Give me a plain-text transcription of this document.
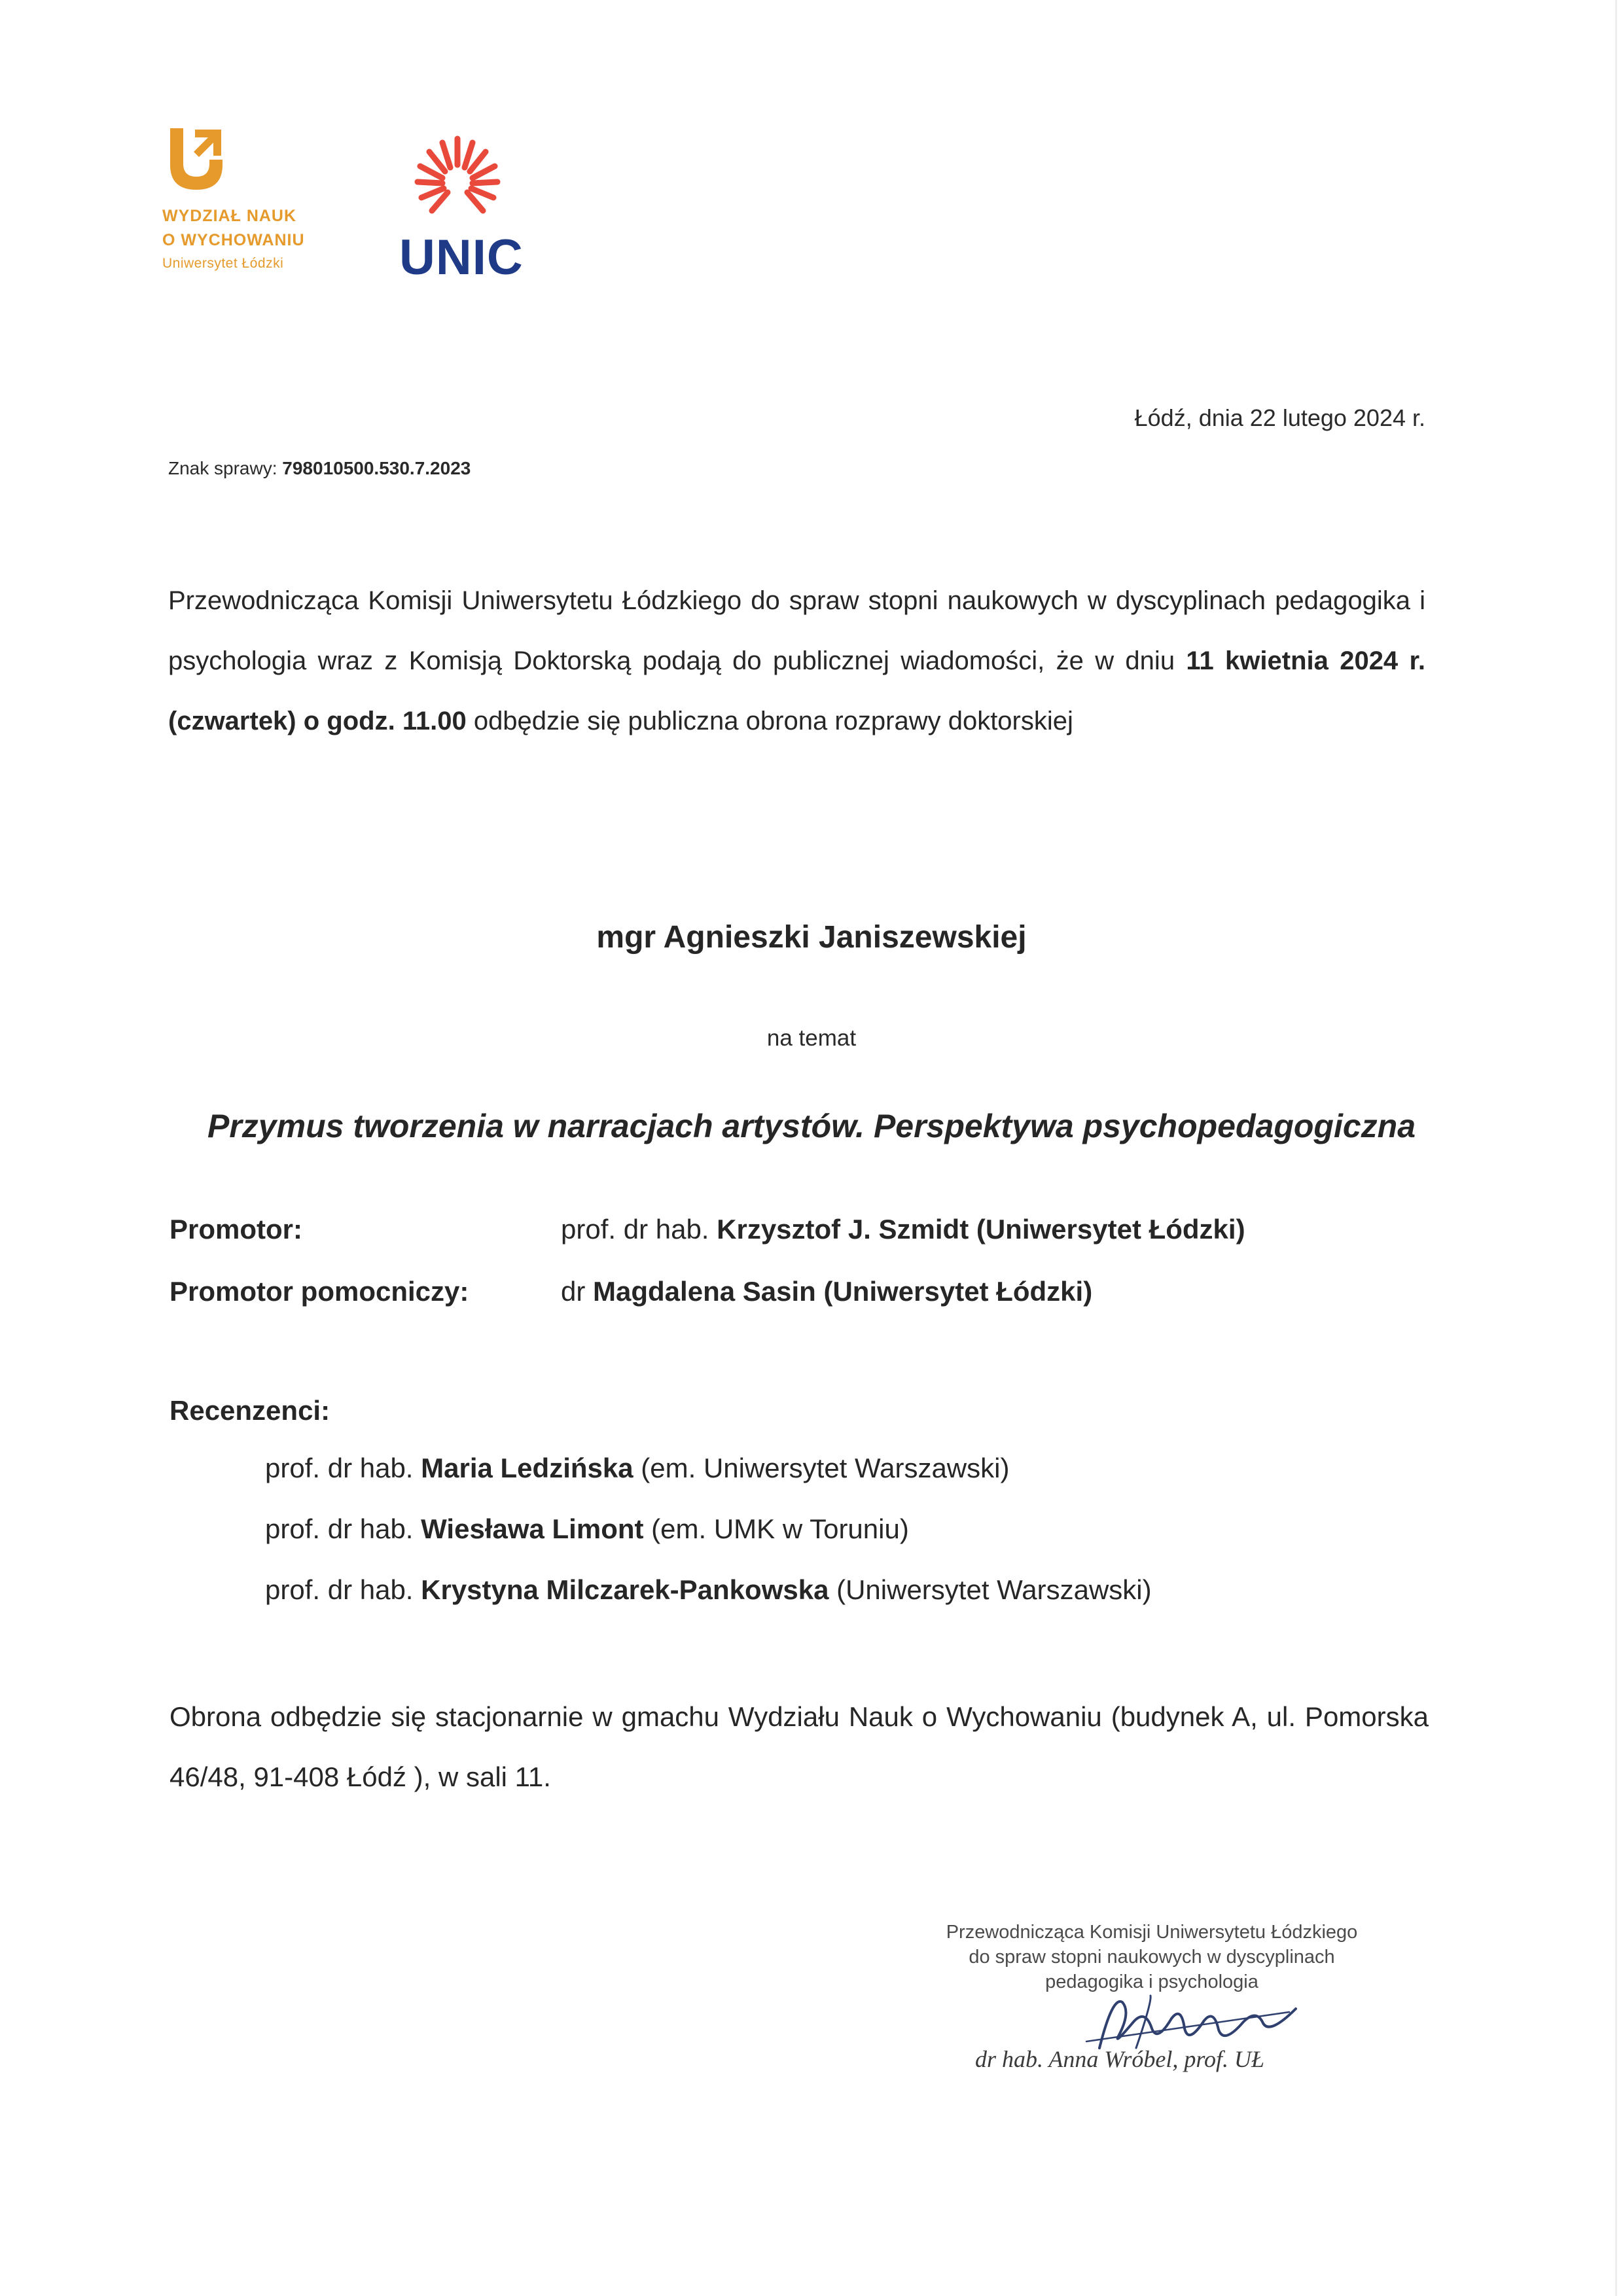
WYDZIAŁ NAUK
O WYCHOWANIU
Uniwersytet Łódzki	UNIC
Łódź, dnia 22 lutego 2024 r.
Znak sprawy: 798010500.530.7.2023
Przewodnicząca Komisji Uniwersytetu Łódzkiego do spraw stopni naukowych w dyscyplinach pedagogika i psychologia wraz z Komisją Doktorską podają do publicznej wiadomości, że w dniu 11 kwietnia 2024 r. (czwartek) o godz. 11.00 odbędzie się publiczna obrona rozprawy doktorskiej
mgr Agnieszki Janiszewskiej
na temat
Przymus tworzenia w narracjach artystów. Perspektywa psychopedagogiczna
Promotor:	prof. dr hab. Krzysztof J. Szmidt (Uniwersytet Łódzki)
Promotor pomocniczy:	dr Magdalena Sasin (Uniwersytet Łódzki)
Recenzenci:
prof. dr hab. Maria Ledzińska (em. Uniwersytet Warszawski)
prof. dr hab. Wiesława Limont (em. UMK w Toruniu)
prof. dr hab. Krystyna Milczarek-Pankowska (Uniwersytet Warszawski)
Obrona odbędzie się stacjonarnie w gmachu Wydziału Nauk o Wychowaniu (budynek A, ul. Pomorska 46/48, 91-408 Łódź ), w sali 11.
Przewodnicząca Komisji Uniwersytetu Łódzkiego
do spraw stopni naukowych w dyscyplinach
pedagogika i psychologia
dr hab. Anna Wróbel, prof. UŁ
